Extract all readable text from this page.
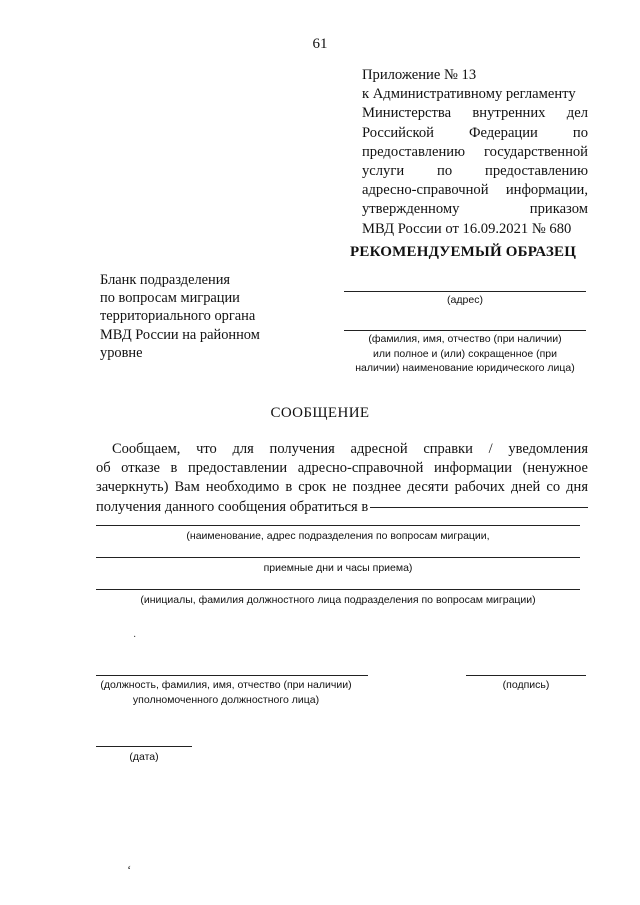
61
Приложение № 13
к Административному регламенту
Министерства внутренних дел
Российской Федерации по
предоставлению государственной
услуги по предоставлению
адресно-справочной информации,
утвержденному приказом
МВД России от 16.09.2021 № 680
РЕКОМЕНДУЕМЫЙ ОБРАЗЕЦ
Бланк подразделения
по вопросам миграции
территориального органа
МВД России на районном
уровне
(адрес)
(фамилия, имя, отчество (при наличии)
или полное и (или) сокращенное (при
наличии) наименование юридического лица)
СООБЩЕНИЕ
Сообщаем, что для получения адресной справки / уведомления
об отказе в предоставлении адресно-справочной информации (ненужное
зачеркнуть) Вам необходимо в срок не позднее десяти рабочих дней со дня
получения данного сообщения обратиться в
(наименование, адрес подразделения по вопросам миграции,
приемные дни и часы приема)
(инициалы, фамилия должностного лица подразделения по вопросам миграции)
·
(должность, фамилия, имя, отчество (при наличии)
уполномоченного должностного лица)
(подпись)
(дата)
ʻ
